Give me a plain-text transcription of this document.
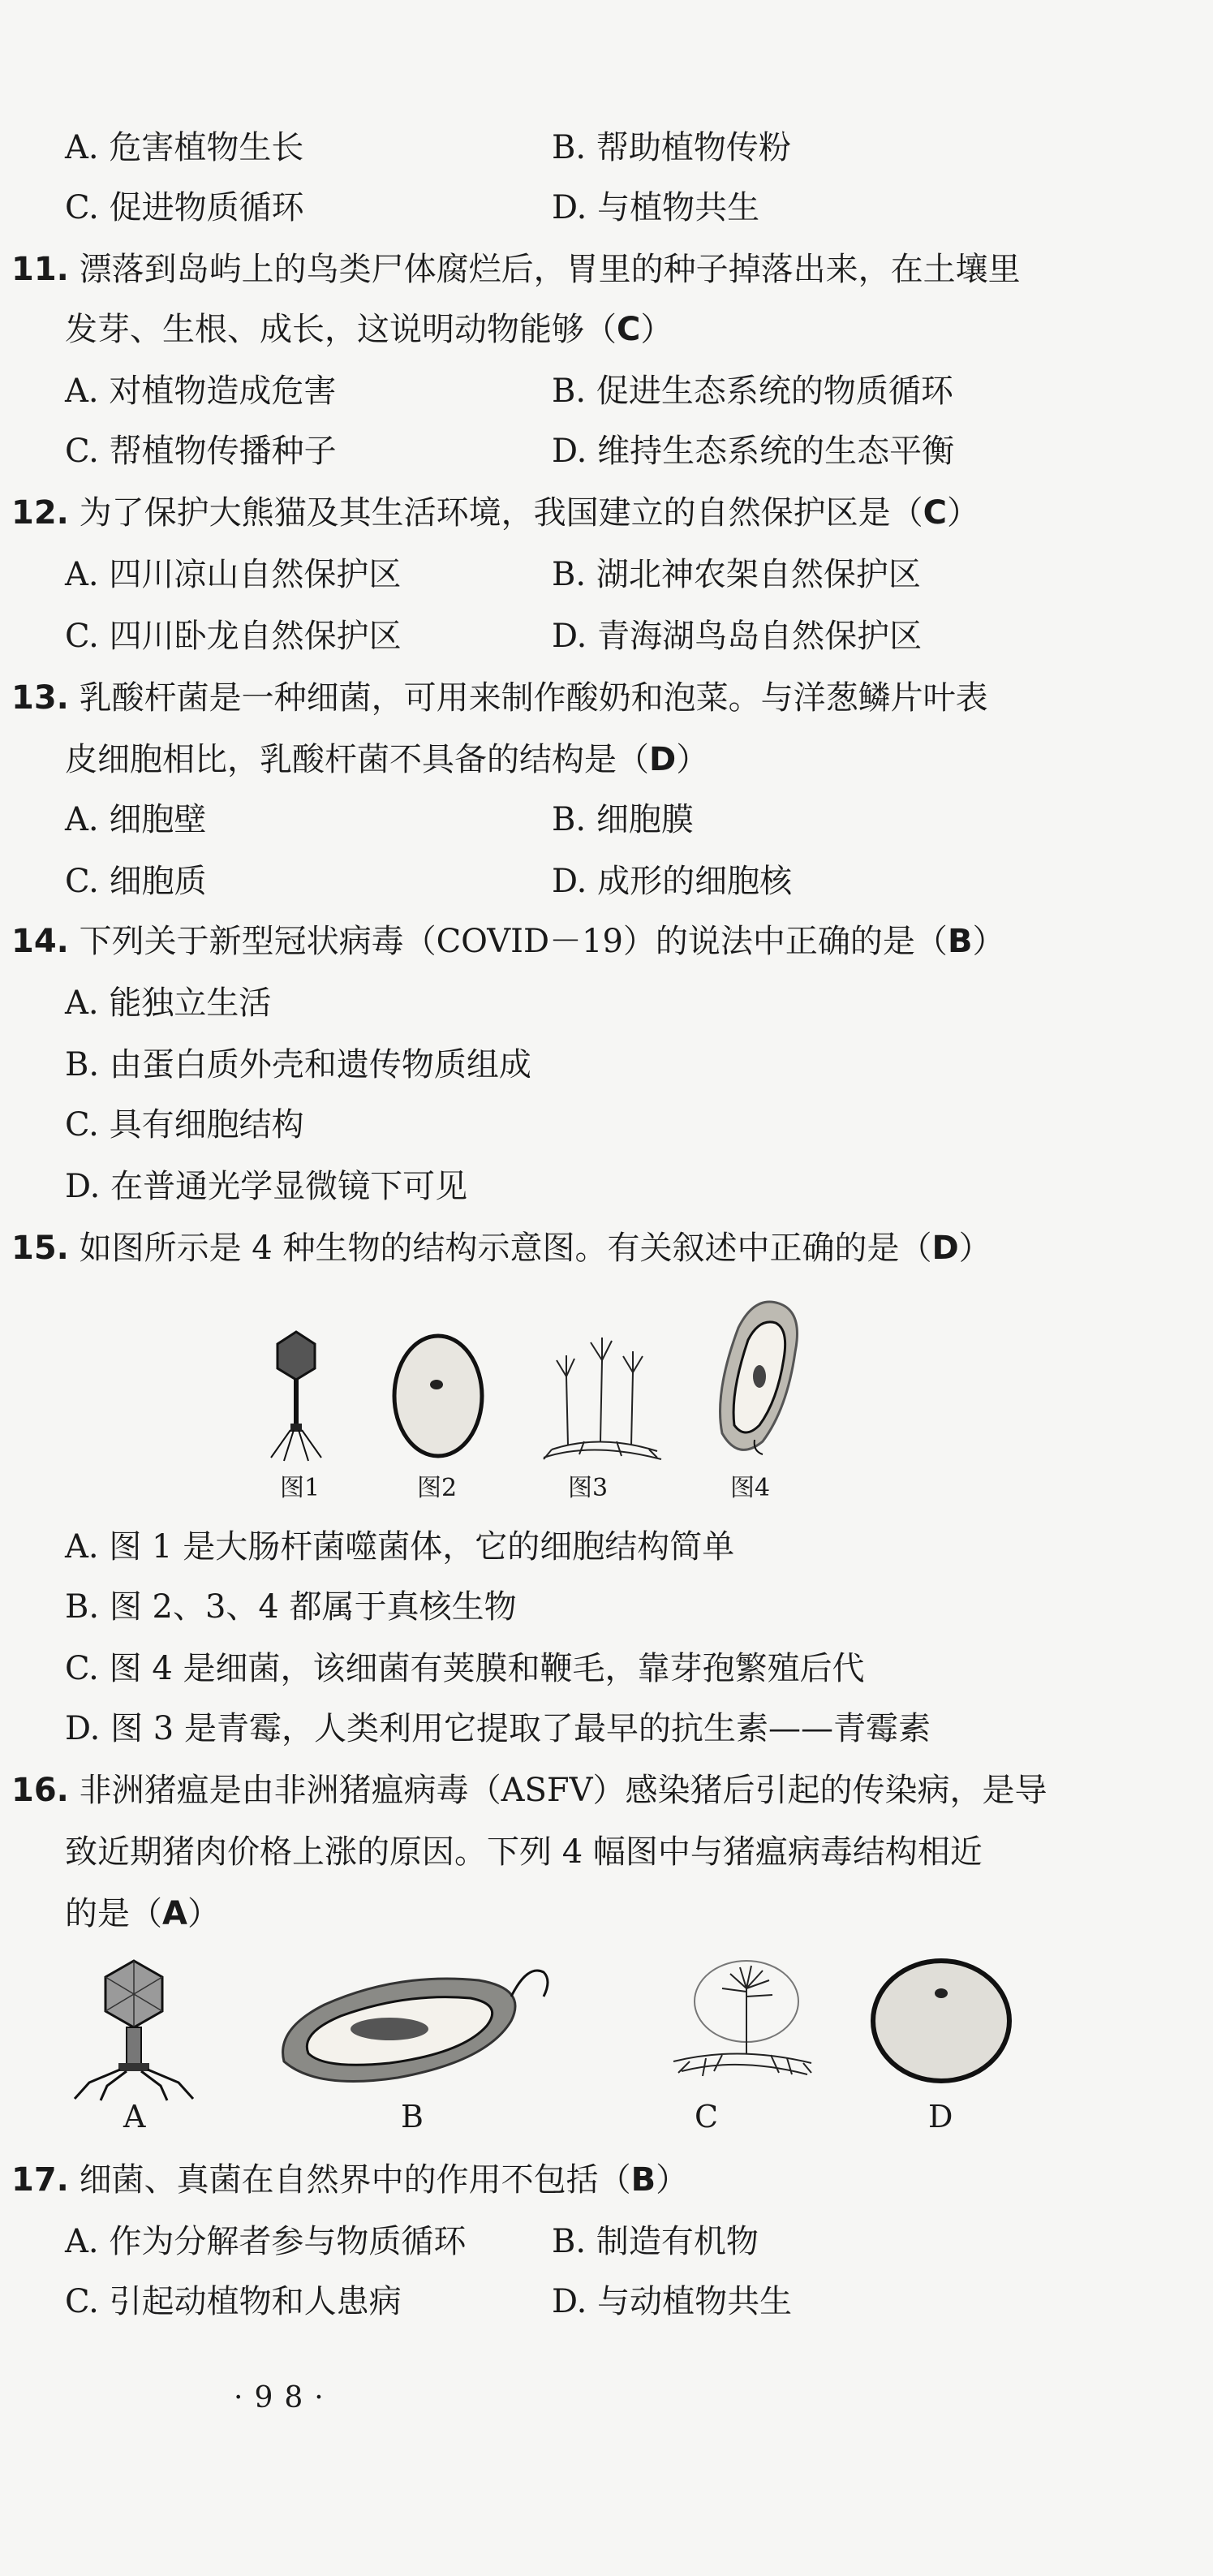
A. 危害植物生长	B. 帮助植物传粉
C. 促进物质循环	D. 与植物共生
11. 漂落到岛屿上的鸟类尸体腐烂后，胃里的种子掉落出来，在土壤里
发芽、生根、成长，这说明动物能够（C）
A. 对植物造成危害	B. 促进生态系统的物质循环
C. 帮植物传播种子	D. 维持生态系统的生态平衡
12. 为了保护大熊猫及其生活环境，我国建立的自然保护区是（C）
A. 四川凉山自然保护区	B. 湖北神农架自然保护区
C. 四川卧龙自然保护区	D. 青海湖鸟岛自然保护区
13. 乳酸杆菌是一种细菌，可用来制作酸奶和泡菜。与洋葱鳞片叶表
皮细胞相比，乳酸杆菌不具备的结构是（D）
A. 细胞壁	B. 细胞膜
C. 细胞质	D. 成形的细胞核
14. 下列关于新型冠状病毒（COVID－19）的说法中正确的是（B）
A. 能独立生活
B. 由蛋白质外壳和遗传物质组成
C. 具有细胞结构
D. 在普通光学显微镜下可见
15. 如图所示是 4 种生物的结构示意图。有关叙述中正确的是（D）
图1	图2	图3	图4
A. 图 1 是大肠杆菌噬菌体，它的细胞结构简单
B. 图 2、3、4 都属于真核生物
C. 图 4 是细菌，该细菌有荚膜和鞭毛，靠芽孢繁殖后代
D. 图 3 是青霉，人类利用它提取了最早的抗生素——青霉素
16. 非洲猪瘟是由非洲猪瘟病毒（ASFV）感染猪后引起的传染病，是导
致近期猪肉价格上涨的原因。下列 4 幅图中与猪瘟病毒结构相近
的是（A）
A	B	C	D
17. 细菌、真菌在自然界中的作用不包括（B）
A. 作为分解者参与物质循环	B. 制造有机物
C. 引起动植物和人患病	D. 与动植物共生
·98·
